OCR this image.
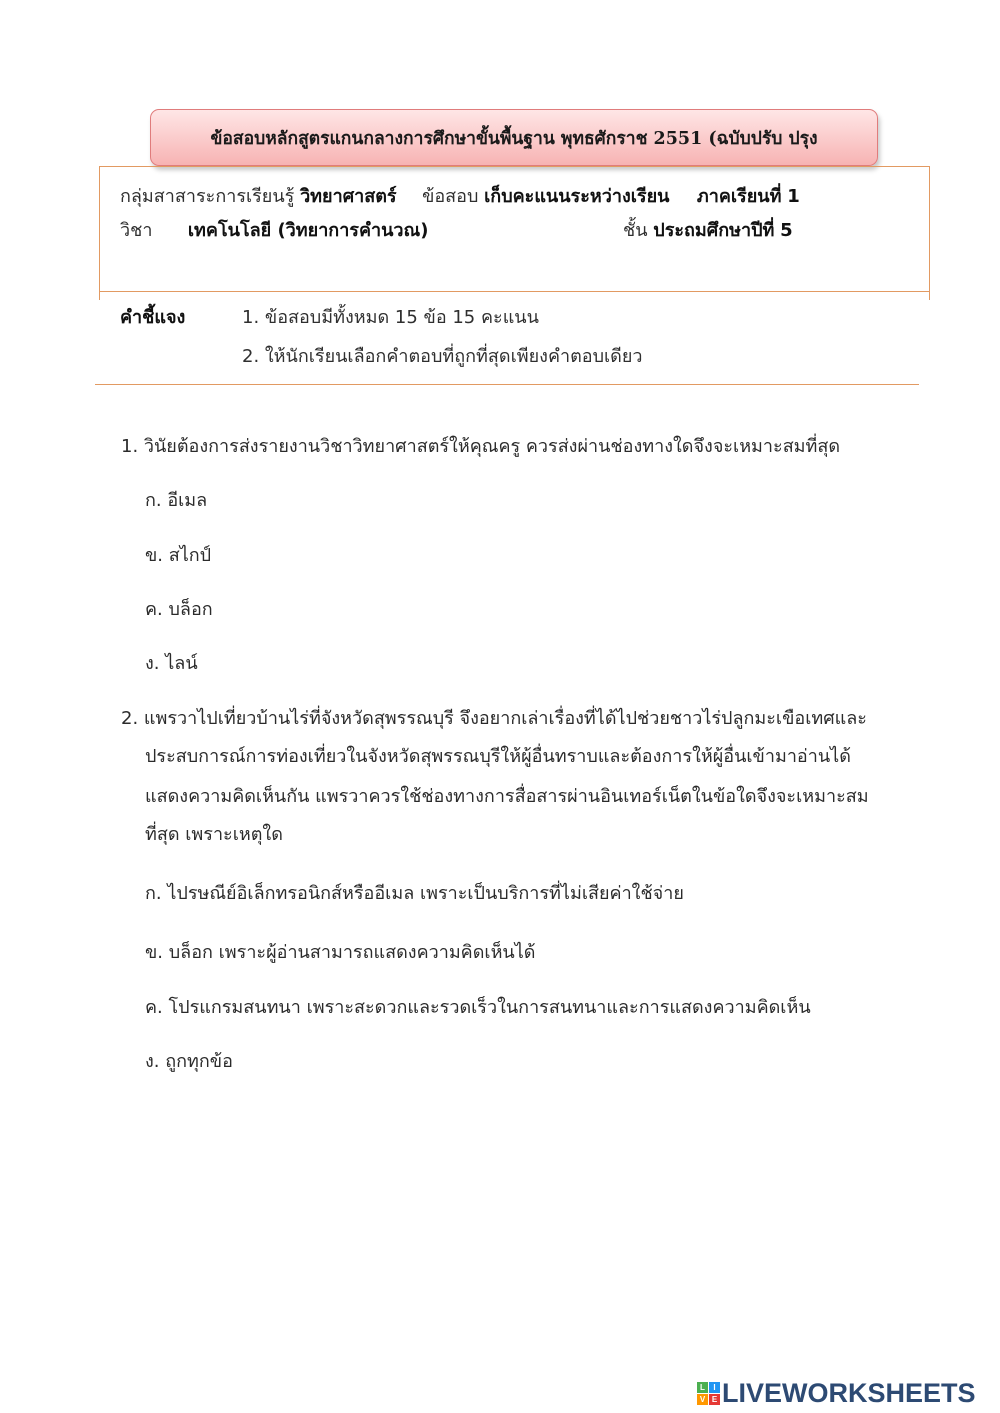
ข้อสอบหลักสูตรแกนกลางการศึกษาขั้นพื้นฐาน พุทธศักราช 2551 (ฉบับปรับ ปรุง
กลุ่มสาสาระการเรียนรู้ วิทยาศาสตร์ ข้อสอบ เก็บคะแนนระหว่างเรียน ภาคเรียนที่ 1
วิชา เทคโนโลยี (วิทยาการคำนวณ)	ชั้น ประถมศึกษาปีที่ 5
คำชี้แจง	1. ข้อสอบมีทั้งหมด 15 ข้อ 15 คะแนน
2. ให้นักเรียนเลือกคำตอบที่ถูกที่สุดเพียงคำตอบเดียว
1. วินัยต้องการส่งรายงานวิชาวิทยาศาสตร์ให้คุณครู ควรส่งผ่านช่องทางใดจึงจะเหมาะสมที่สุด
ก. อีเมล
ข. สไกป์
ค. บล็อก
ง. ไลน์
2. แพรวาไปเที่ยวบ้านไร่ที่จังหวัดสุพรรณบุรี จึงอยากเล่าเรื่องที่ได้ไปช่วยชาวไร่ปลูกมะเขือเทศและ
ประสบการณ์การท่องเที่ยวในจังหวัดสุพรรณบุรีให้ผู้อื่นทราบและต้องการให้ผู้อื่นเข้ามาอ่านได้
แสดงความคิดเห็นกัน แพรวาควรใช้ช่องทางการสื่อสารผ่านอินเทอร์เน็ตในข้อใดจึงจะเหมาะสม
ที่สุด เพราะเหตุใด
ก. ไปรษณีย์อิเล็กทรอนิกส์หรืออีเมล เพราะเป็นบริการที่ไม่เสียค่าใช้จ่าย
ข. บล็อก เพราะผู้อ่านสามารถแสดงความคิดเห็นได้
ค. โปรแกรมสนทนา เพราะสะดวกและรวดเร็วในการสนทนาและการแสดงความคิดเห็น
ง. ถูกทุกข้อ
L	I
V E LIVEWORKSHEETS
